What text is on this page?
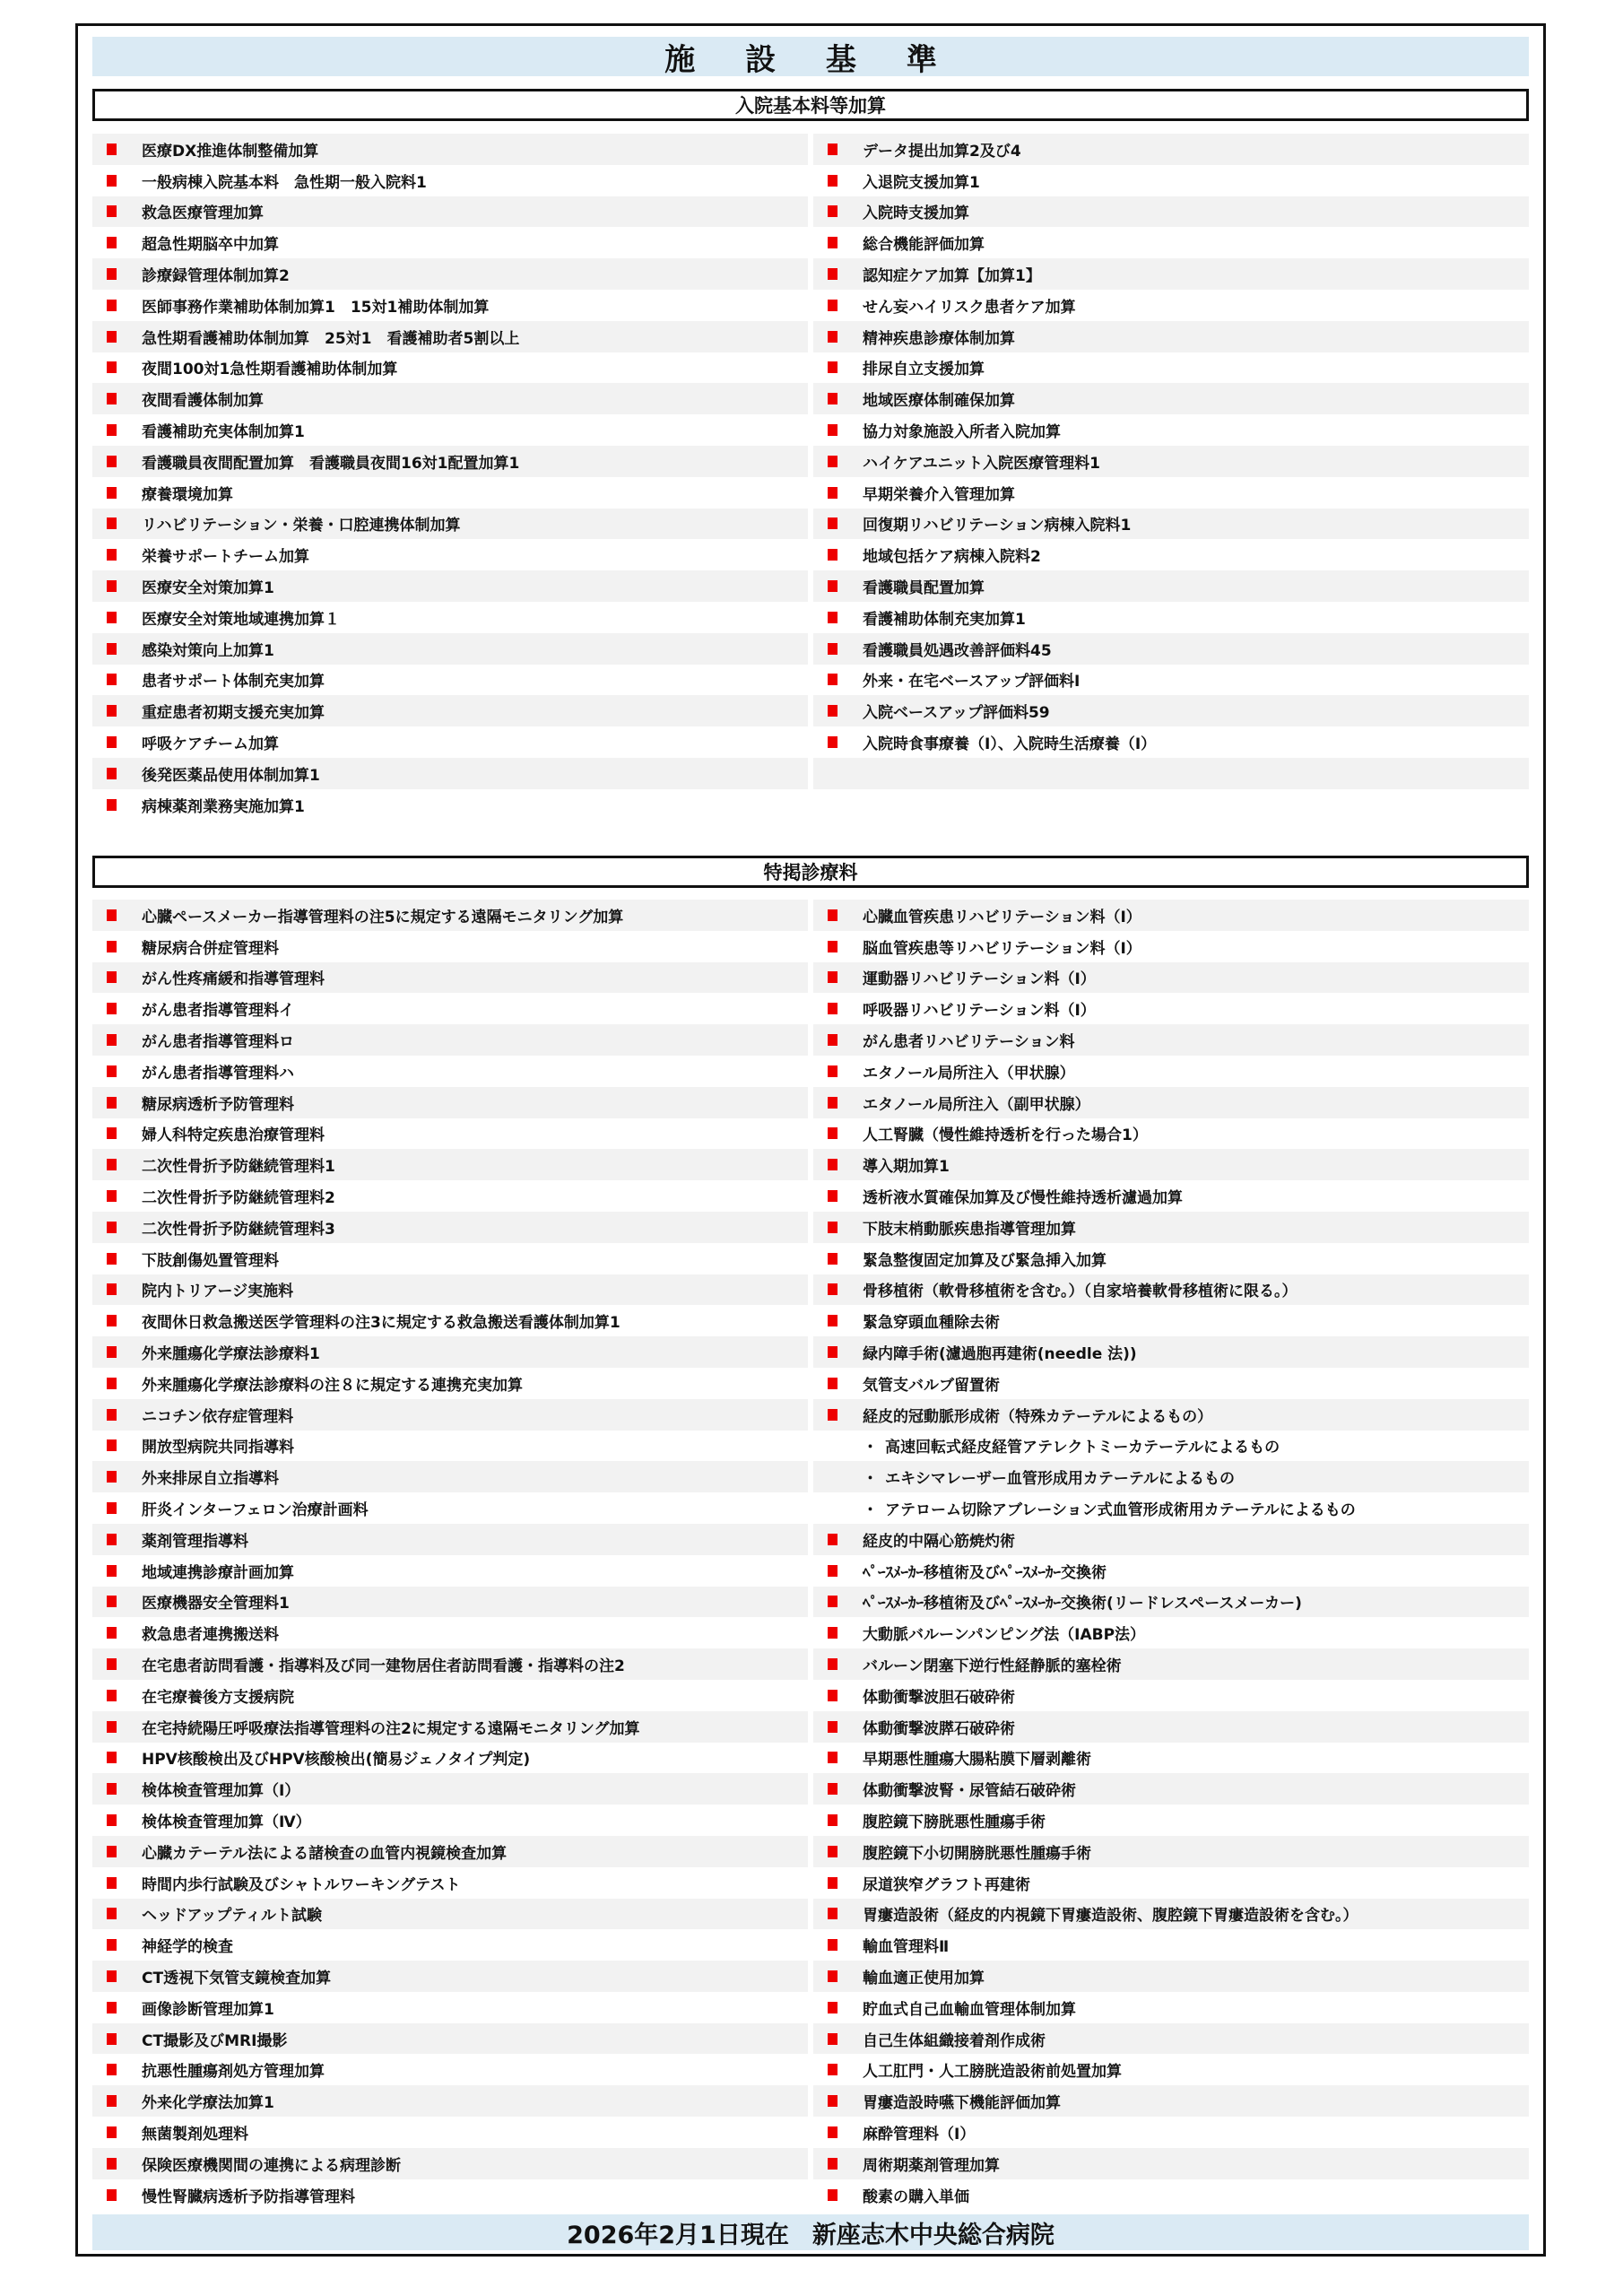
施 設 基 準
入院基本料等加算
医療DX推進体制整備加算
一般病棟入院基本料　急性期一般入院料1
救急医療管理加算
超急性期脳卒中加算
診療録管理体制加算2
医師事務作業補助体制加算1　15対1補助体制加算
急性期看護補助体制加算　25対1　看護補助者5割以上
夜間100対1急性期看護補助体制加算
夜間看護体制加算
看護補助充実体制加算1
看護職員夜間配置加算　看護職員夜間16対1配置加算1
療養環境加算
リハビリテーション・栄養・口腔連携体制加算
栄養サポートチーム加算
医療安全対策加算1
医療安全対策地域連携加算１
感染対策向上加算1
患者サポート体制充実加算
重症患者初期支援充実加算
呼吸ケアチーム加算
後発医薬品使用体制加算1
病棟薬剤業務実施加算1
データ提出加算2及び4
入退院支援加算1
入院時支援加算
総合機能評価加算
認知症ケア加算【加算1】
せん妄ハイリスク患者ケア加算
精神疾患診療体制加算
排尿自立支援加算
地域医療体制確保加算
協力対象施設入所者入院加算
ハイケアユニット入院医療管理料1
早期栄養介入管理加算
回復期リハビリテーション病棟入院料1
地域包括ケア病棟入院料2
看護職員配置加算
看護補助体制充実加算1
看護職員処遇改善評価料45
外来・在宅ベースアップ評価料Ⅰ
入院ベースアップ評価料59
入院時食事療養（Ⅰ）、入院時生活療養（Ⅰ）
特掲診療料
心臓ペースメーカー指導管理料の注5に規定する遠隔モニタリング加算
糖尿病合併症管理料
がん性疼痛緩和指導管理料
がん患者指導管理料イ
がん患者指導管理料ロ
がん患者指導管理料ハ
糖尿病透析予防管理料
婦人科特定疾患治療管理料
二次性骨折予防継続管理料1
二次性骨折予防継続管理料2
二次性骨折予防継続管理料3
下肢創傷処置管理料
院内トリアージ実施料
夜間休日救急搬送医学管理料の注3に規定する救急搬送看護体制加算1
外来腫瘍化学療法診療料1
外来腫瘍化学療法診療料の注８に規定する連携充実加算
ニコチン依存症管理料
開放型病院共同指導料
外来排尿自立指導料
肝炎インターフェロン治療計画料
薬剤管理指導料
地域連携診療計画加算
医療機器安全管理料1
救急患者連携搬送料
在宅患者訪問看護・指導料及び同一建物居住者訪問看護・指導料の注2
在宅療養後方支援病院
在宅持続陽圧呼吸療法指導管理料の注2に規定する遠隔モニタリング加算
HPV核酸検出及びHPV核酸検出(簡易ジェノタイプ判定)
検体検査管理加算（Ⅰ）
検体検査管理加算（Ⅳ）
心臓カテーテル法による諸検査の血管内視鏡検査加算
時間内歩行試験及びシャトルワーキングテスト
ヘッドアップティルト試験
神経学的検査
CT透視下気管支鏡検査加算
画像診断管理加算1
CT撮影及びMRI撮影
抗悪性腫瘍剤処方管理加算
外来化学療法加算1
無菌製剤処理料
保険医療機関間の連携による病理診断
慢性腎臓病透析予防指導管理料
心臓血管疾患リハビリテーション料（Ⅰ）
脳血管疾患等リハビリテーション料（Ⅰ）
運動器リハビリテーション料（Ⅰ）
呼吸器リハビリテーション料（Ⅰ）
がん患者リハビリテーション料
エタノール局所注入（甲状腺）
エタノール局所注入（副甲状腺）
人工腎臓（慢性維持透析を行った場合1）
導入期加算1
透析液水質確保加算及び慢性維持透析濾過加算
下肢末梢動脈疾患指導管理加算
緊急整復固定加算及び緊急挿入加算
骨移植術（軟骨移植術を含む。）（自家培養軟骨移植術に限る。）
緊急穿頭血種除去術
緑内障手術(濾過胞再建術(needle 法))
気管支バルブ留置術
経皮的冠動脈形成術（特殊カテーテルによるもの）
・ 高速回転式経皮経管アテレクトミーカテーテルによるもの
・ エキシマレーザー血管形成用カテーテルによるもの
・ アテローム切除アブレーション式血管形成術用カテーテルによるもの
経皮的中隔心筋焼灼術
ﾍﾟｰｽﾒｰｶｰ移植術及びﾍﾟｰｽﾒｰｶｰ交換術
ﾍﾟｰｽﾒｰｶｰ移植術及びﾍﾟｰｽﾒｰｶｰ交換術(リードレスペースメーカー)
大動脈バルーンパンピング法（IABP法）
バルーン閉塞下逆行性経静脈的塞栓術
体動衝撃波胆石破砕術
体動衝撃波膵石破砕術
早期悪性腫瘍大腸粘膜下層剥離術
体動衝撃波腎・尿管結石破砕術
腹腔鏡下膀胱悪性腫瘍手術
腹腔鏡下小切開膀胱悪性腫瘍手術
尿道狭窄グラフト再建術
胃瘻造設術（経皮的内視鏡下胃瘻造設術、腹腔鏡下胃瘻造設術を含む。）
輸血管理料Ⅱ
輸血適正使用加算
貯血式自己血輸血管理体制加算
自己生体組織接着剤作成術
人工肛門・人工膀胱造設術前処置加算
胃瘻造設時嚥下機能評価加算
麻酔管理料（Ⅰ）
周術期薬剤管理加算
酸素の購入単価
2026年2月1日現在 新座志木中央総合病院
